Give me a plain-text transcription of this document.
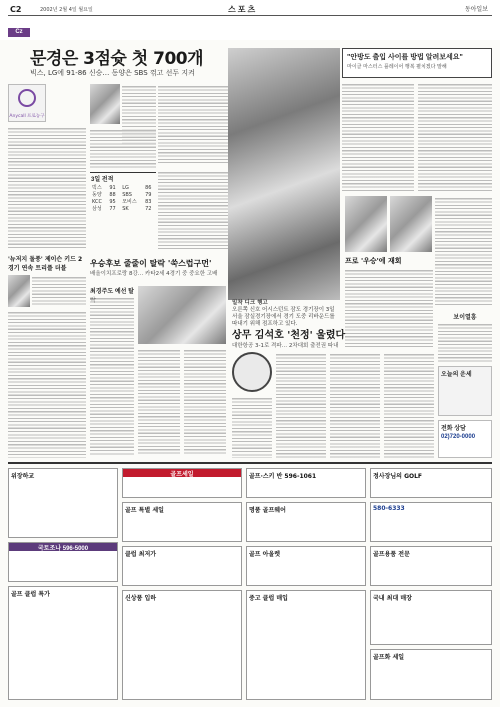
C2	2002년 2월 4일 월요일	스포츠	동아일보
Cz
문경은 3점슛 첫 700개
빅스, LG에 91-86 신승… 동양은 SBS 꺾고 선두 지켜
Anycall 프로농구
3일 전적
빅스	91	LG	86
동양	88	SBS	79
KCC	95	모비스	83
삼성	77	SK	72
밀착 디크 행고
오른쪽 신호 어시스턴트 잠도 경기장이 3일 서울 잠실경기장에서 경기 도중 리바운드를 따내기 위해 점프하고 있다.
"안방도 출입 사이를 방법 알려보세요"
마이클 마스터스 플레이어 행복 펼치겠다 말해
프로 '우승'에 재회
'뉴저지 돌풍' 제이슨 키드 2경기 연속 트리플 더블
우승후보 줄줄이 탈락 '쑥스럽구먼'
배올이치프로랑 8강… 카타2세 4경기 중 중요한 고배
최경주도 예선 탈
상무 김석호 '천정' 울렸다
대한항공 3-1로 격파… 2차대회 출전권 따내
보이열흥
오늘의 운세
전화 상담
02)720-0000
위장하교	골프세일	골프·스키 반 596-1061	정사장님의 GOLF
골프 특별 세일	명품 골프웨어	580-6333
국토조나 596-5000
클럽 최저가	골프 아울렛	골프용품 전문
골프 클럽 특가
신상품 입하	중고 클럽 매입	국내 최대 매장
골프화 세일
